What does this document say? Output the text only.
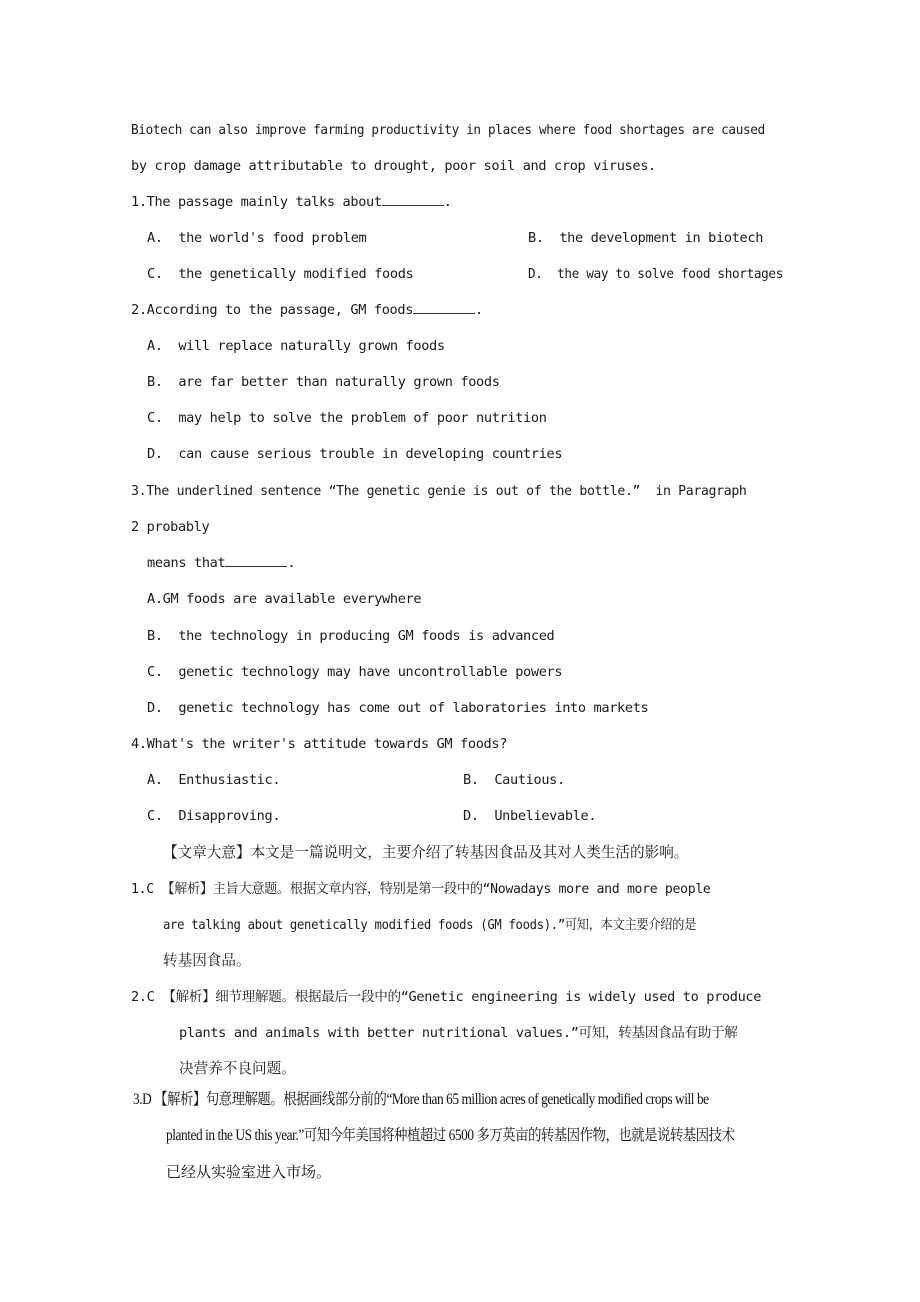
Biotech can also improve farming productivity in places where food shortages are caused
by crop damage attributable to drought, poor soil and crop viruses.
1.The passage mainly talks about	.
A.  the world's food problem	B.  the development in biotech
C.  the genetically modified foods	D.  the way to solve food shortages
2.According to the passage, GM foods	.
A.  will replace naturally grown foods
B.  are far better than naturally grown foods
C.  may help to solve the problem of poor nutrition
D.  can cause serious trouble in developing countries
3.The underlined sentence “The genetic genie is out of the bottle.”  in Paragraph
2 probably
means that	.
A.GM foods are available everywhere
B.  the technology in producing GM foods is advanced
C.  genetic technology may have uncontrollable powers
D.  genetic technology has come out of laboratories into markets
4.What's the writer's attitude towards GM foods?
A.  Enthusiastic.	B.  Cautious.
C.  Disapproving.	D.  Unbelievable.
【文章大意】本文是一篇说明文，主要介绍了转基因食品及其对人类生活的影响。
1.C 【解析】主旨大意题。根据文章内容，特别是第一段中的“Nowadays more and more people
are talking about genetically modified foods (GM foods).”可知，本文主要介绍的是
转基因食品。
2.C 【解析】细节理解题。根据最后一段中的“Genetic engineering is widely used to produce
plants and animals with better nutritional values.”可知，转基因食品有助于解
决营养不良问题。
3.D 【解析】句意理解题。根据画线部分前的“More than 65 million acres of genetically modified crops will be
planted in the US this year.”可知今年美国将种植超过 6500 多万英亩的转基因作物，也就是说转基因技术
已经从实验室进入市场。
